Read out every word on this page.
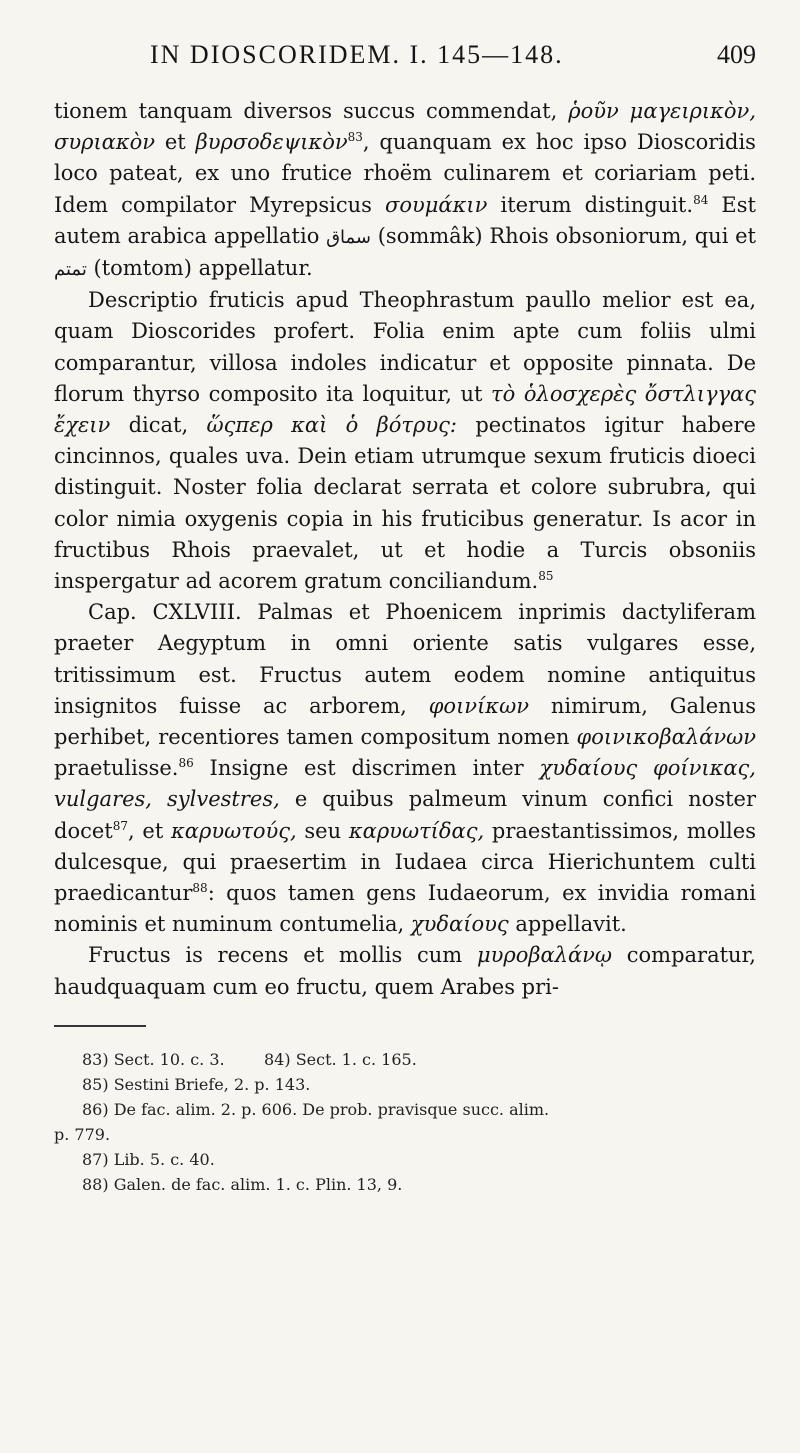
IN DIOSCORIDEM. I. 145—148.	409

tionem tanquam diversos succus commendat, ῥοῦν μαγειρικὸν, συριακὸν et βυρσοδεψικὸν$^{83}$, quanquam ex hoc ipso Dioscoridis loco pateat, ex uno frutice rhoëm culinarem et coriariam peti. Idem compilator Myrepsicus σουμάκιν iterum distinguit.$^{84}$ Est autem arabica appellatio سماق (sommâk) Rhois obsoniorum, qui et تمتم (tomtom) appellatur.

Descriptio fruticis apud Theophrastum paullo melior est ea, quam Dioscorides profert. Folia enim apte cum foliis ulmi comparantur, villosa indoles indicatur et opposite pinnata. De florum thyrso composito ita loquitur, ut τὸ ὁλοσχερὲς ὄστλιγγας ἔχειν dicat, ὥςπερ καὶ ὁ βότρυς: pectinatos igitur habere cincinnos, quales uva. Dein etiam utrumque sexum fruticis dioeci distinguit. Noster folia declarat serrata et colore subrubra, qui color nimia oxygenis copia in his fruticibus generatur. Is acor in fructibus Rhois praevalet, ut et hodie a Turcis obsoniis inspergatur ad acorem gratum conciliandum.$^{85}$

Cap. CXLVIII. Palmas et Phoenicem inprimis dactyliferam praeter Aegyptum in omni oriente satis vulgares esse, tritissimum est. Fructus autem eodem nomine antiquitus insignitos fuisse ac arborem, φοινίκων nimirum, Galenus perhibet, recentiores tamen compositum nomen φοινικοβαλάνων praetulisse.$^{86}$ Insigne est discrimen inter χυδαίους φοίνικας, vulgares, sylvestres, e quibus palmeum vinum confici noster docet$^{87}$, et καρυωτούς, seu καρυωτίδας, praestantissimos, molles dulcesque, qui praesertim in Iudaea circa Hierichuntem culti praedicantur$^{88}$: quos tamen gens Iudaeorum, ex invidia romani nominis et numinum contumelia, χυδαίους appellavit.

Fructus is recens et mollis cum μυροβαλάνῳ comparatur, haudquaquam cum eo fructu, quem Arabes pri-

83) Sect. 10. c. 3.	84) Sect. 1. c. 165.
85) Sestini Briefe, 2. p. 143.
86) De fac. alim. 2. p. 606. De prob. pravisque succ. alim.
p. 779.
87) Lib. 5. c. 40.
88) Galen. de fac. alim. 1. c. Plin. 13, 9.
